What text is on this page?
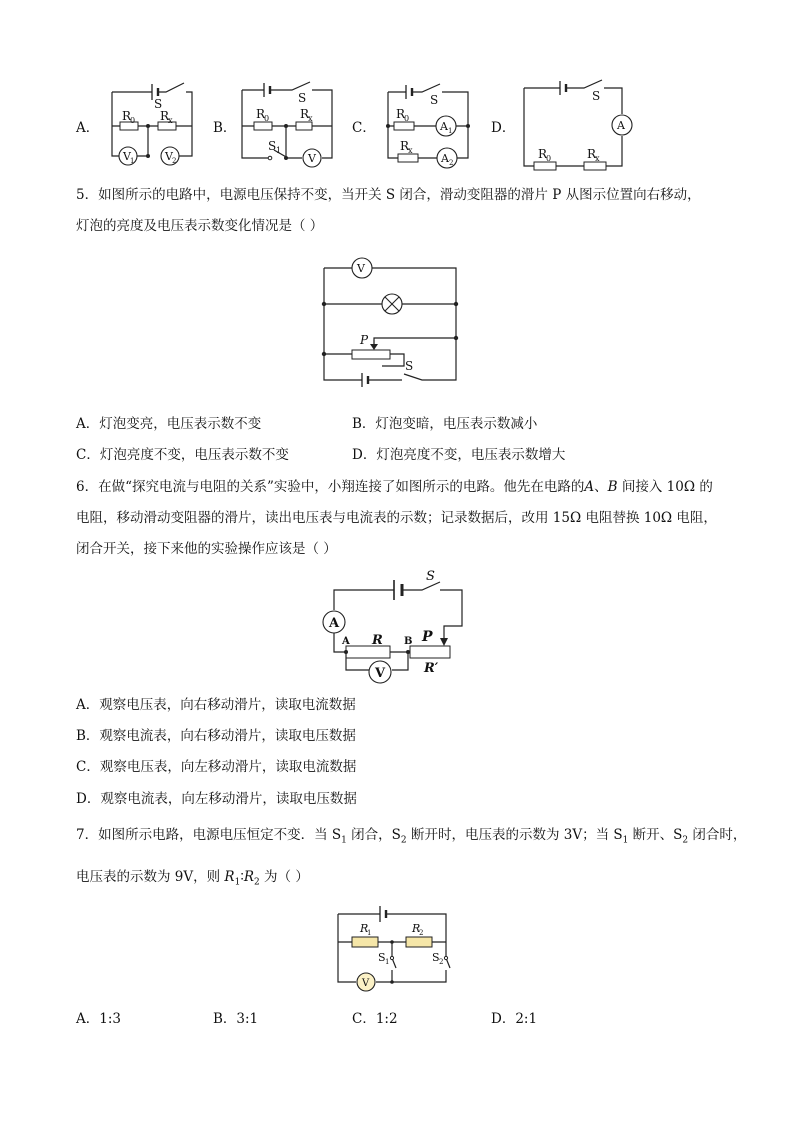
A．
S
R
0 R
x
V 1	V 2
B．
S
R
0	R
x
S 1
V
C．
S
R
0
R
x
A 1
A 2
D．
S
R
0	R
x
A
5．如图所示的电路中，电源电压保持不变，当开关 S 闭合，滑动变阻器的滑片 P 从图示位置向右移动，
灯泡的亮度及电压表示数变化情况是（ ）
V
P
S
A．灯泡变亮，电压表示数不变	B．灯泡变暗，电压表示数减小
C．灯泡亮度不变，电压表示数不变	D．灯泡亮度不变，电压表示数增大
6．在做“探究电流与电阻的关系”实验中，小翔连接了如图所示的电路。他先在电路的A、B 间接入 10Ω 的
电阻，移动滑动变阻器的滑片，读出电压表与电流表的示数；记录数据后，改用 15Ω 电阻替换 10Ω 电阻，
闭合开关，接下来他的实验操作应该是（ ）
S
A
A	B
R	P
R′
V
A．观察电压表，向右移动滑片，读取电流数据
B．观察电流表，向右移动滑片，读取电压数据
C．观察电压表，向左移动滑片，读取电流数据
D．观察电流表，向左移动滑片，读取电压数据
7．如图所示电路，电源电压恒定不变．当 $S_1$ 闭合，$S_2$ 断开时，电压表的示数为 3V；当 $S_1$ 断开、$S_2$ 闭合时，
电压表的示数为 9V，则 $R_1∶R_2$ 为（ ）
R
1	R
2
S 1	S 2
V
A．1:3	B．3:1	C．1:2	D．2:1
